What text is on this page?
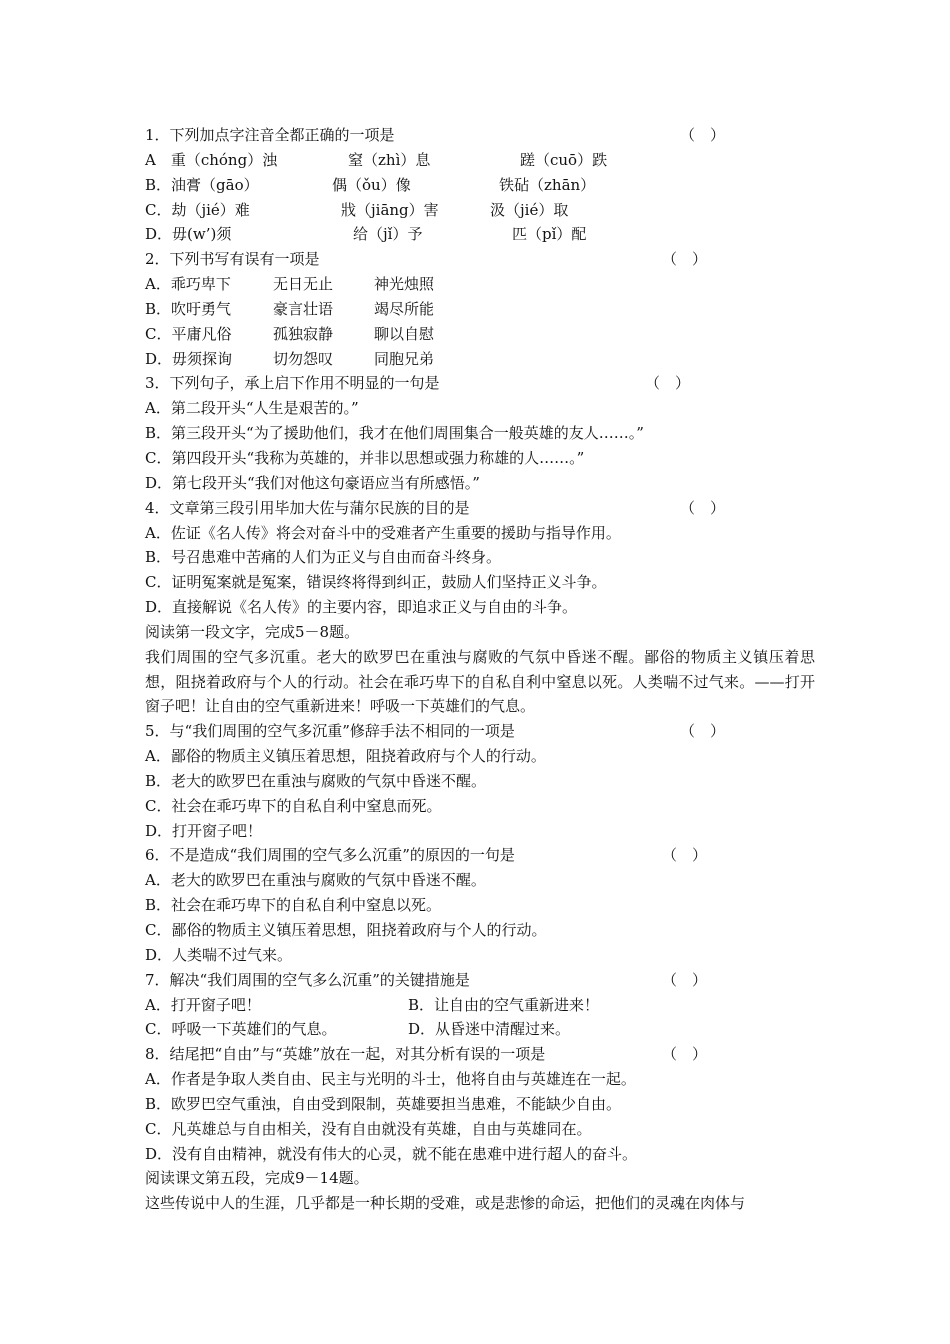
1．下列加点字注音全都正确的一项是	（　）
A　重（chóng）浊	窒（zhì）息	蹉（cuō）跌
B．油膏（gāo）	偶（ǒu）像	铁砧（zhān）
C．劫（jié）难	戕（jiāng）害	汲（jié）取
D．毋(w’)须	给（jǐ）予	匹（pǐ）配
2．下列书写有误有一项是	（　）
A．乖巧卑下	无日无止	神光烛照
B．吹吁勇气	豪言壮语	竭尽所能
C．平庸凡俗	孤独寂静	聊以自慰
D．毋须探询	切勿怨叹	同胞兄弟
3．下列句子，承上启下作用不明显的一句是	（　）
A．第二段开头“人生是艰苦的。”
B．第三段开头“为了援助他们，我才在他们周围集合一般英雄的友人……。”
C．第四段开头“我称为英雄的，并非以思想或强力称雄的人……。”
D．第七段开头“我们对他这句豪语应当有所感悟。”
4．文章第三段引用毕加大佐与蒲尔民族的目的是	（　）
A．佐证《名人传》将会对奋斗中的受难者产生重要的援助与指导作用。
B．号召患难中苦痛的人们为正义与自由而奋斗终身。
C．证明冤案就是冤案，错误终将得到纠正，鼓励人们坚持正义斗争。
D．直接解说《名人传》的主要内容，即追求正义与自由的斗争。
阅读第一段文字，完成5－8题。
我们周围的空气多沉重。老大的欧罗巴在重浊与腐败的气氛中昏迷不醒。鄙俗的物质主义镇压着思想，阻挠着政府与个人的行动。社会在乖巧卑下的自私自利中窒息以死。人类喘不过气来。——打开窗子吧！让自由的空气重新进来！呼吸一下英雄们的气息。
5．与“我们周围的空气多沉重”修辞手法不相同的一项是	（　）
A．鄙俗的物质主义镇压着思想，阻挠着政府与个人的行动。
B．老大的欧罗巴在重浊与腐败的气氛中昏迷不醒。
C．社会在乖巧卑下的自私自利中窒息而死。
D．打开窗子吧！
6．不是造成“我们周围的空气多么沉重”的原因的一句是	（　）
A．老大的欧罗巴在重浊与腐败的气氛中昏迷不醒。
B．社会在乖巧卑下的自私自利中窒息以死。
C．鄙俗的物质主义镇压着思想，阻挠着政府与个人的行动。
D．人类喘不过气来。
7．解决“我们周围的空气多么沉重”的关键措施是	（　）
A．打开窗子吧！	B．让自由的空气重新进来！
C．呼吸一下英雄们的气息。	D．从昏迷中清醒过来。
8．结尾把“自由”与“英雄”放在一起，对其分析有误的一项是	（　）
A．作者是争取人类自由、民主与光明的斗士，他将自由与英雄连在一起。
B．欧罗巴空气重浊，自由受到限制，英雄要担当患难，不能缺少自由。
C．凡英雄总与自由相关，没有自由就没有英雄，自由与英雄同在。
D．没有自由精神，就没有伟大的心灵，就不能在患难中进行超人的奋斗。
阅读课文第五段，完成9－14题。
这些传说中人的生涯，几乎都是一种长期的受难，或是悲惨的命运，把他们的灵魂在肉体与
